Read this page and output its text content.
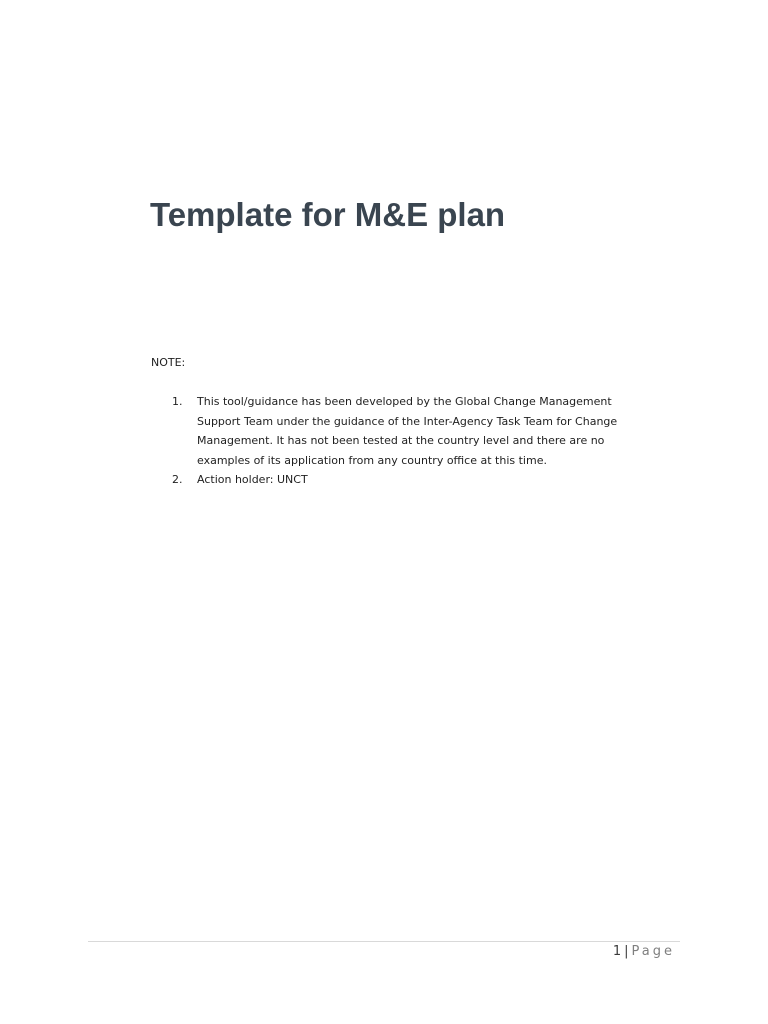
Template for M&E plan
NOTE:
1.	This tool/guidance has been developed by the Global Change Management Support Team under the guidance of the Inter-Agency Task Team for Change Management. It has not been tested at the country level and there are no examples of its application from any country office at this time.
2.	Action holder: UNCT
1 | Page
